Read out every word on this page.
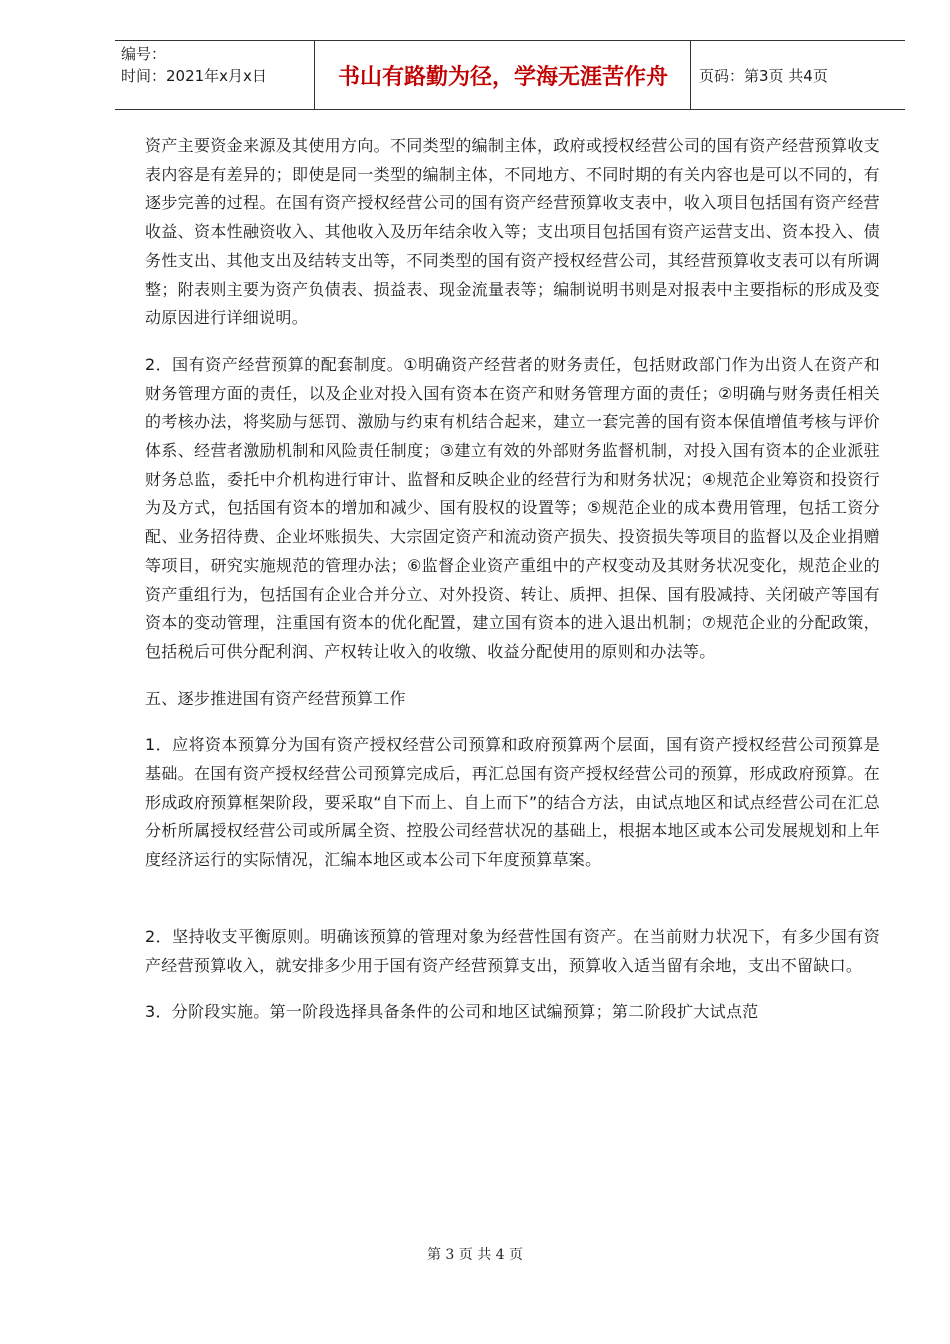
编号：
时间：2021年x月x日	书山有路勤为径，学海无涯苦作舟	页码：第3页 共4页

资产主要资金来源及其使用方向。不同类型的编制主体，政府或授权经营公司的国有资产经营预算收支表内容是有差异的；即使是同一类型的编制主体，不同地方、不同时期的有关内容也是可以不同的，有逐步完善的过程。在国有资产授权经营公司的国有资产经营预算收支表中，收入项目包括国有资产经营收益、资本性融资收入、其他收入及历年结余收入等；支出项目包括国有资产运营支出、资本投入、债务性支出、其他支出及结转支出等，不同类型的国有资产授权经营公司，其经营预算收支表可以有所调整；附表则主要为资产负债表、损益表、现金流量表等；编制说明书则是对报表中主要指标的形成及变动原因进行详细说明。

2．国有资产经营预算的配套制度。①明确资产经营者的财务责任，包括财政部门作为出资人在资产和财务管理方面的责任，以及企业对投入国有资本在资产和财务管理方面的责任；②明确与财务责任相关的考核办法，将奖励与惩罚、激励与约束有机结合起来，建立一套完善的国有资本保值增值考核与评价体系、经营者激励机制和风险责任制度；③建立有效的外部财务监督机制，对投入国有资本的企业派驻财务总监，委托中介机构进行审计、监督和反映企业的经营行为和财务状况；④规范企业筹资和投资行为及方式，包括国有资本的增加和减少、国有股权的设置等；⑤规范企业的成本费用管理，包括工资分配、业务招待费、企业坏账损失、大宗固定资产和流动资产损失、投资损失等项目的监督以及企业捐赠等项目，研究实施规范的管理办法；⑥监督企业资产重组中的产权变动及其财务状况变化，规范企业的资产重组行为，包括国有企业合并分立、对外投资、转让、质押、担保、国有股减持、关闭破产等国有资本的变动管理，注重国有资本的优化配置，建立国有资本的进入退出机制；⑦规范企业的分配政策，包括税后可供分配利润、产权转让收入的收缴、收益分配使用的原则和办法等。

五、逐步推进国有资产经营预算工作

1．应将资本预算分为国有资产授权经营公司预算和政府预算两个层面，国有资产授权经营公司预算是基础。在国有资产授权经营公司预算完成后，再汇总国有资产授权经营公司的预算，形成政府预算。在形成政府预算框架阶段，要采取“自下而上、自上而下”的结合方法，由试点地区和试点经营公司在汇总分析所属授权经营公司或所属全资、控股公司经营状况的基础上，根据本地区或本公司发展规划和上年度经济运行的实际情况，汇编本地区或本公司下年度预算草案。

2．坚持收支平衡原则。明确该预算的管理对象为经营性国有资产。在当前财力状况下，有多少国有资产经营预算收入，就安排多少用于国有资产经营预算支出，预算收入适当留有余地，支出不留缺口。

3．分阶段实施。第一阶段选择具备条件的公司和地区试编预算；第二阶段扩大试点范

第 3 页 共 4 页
